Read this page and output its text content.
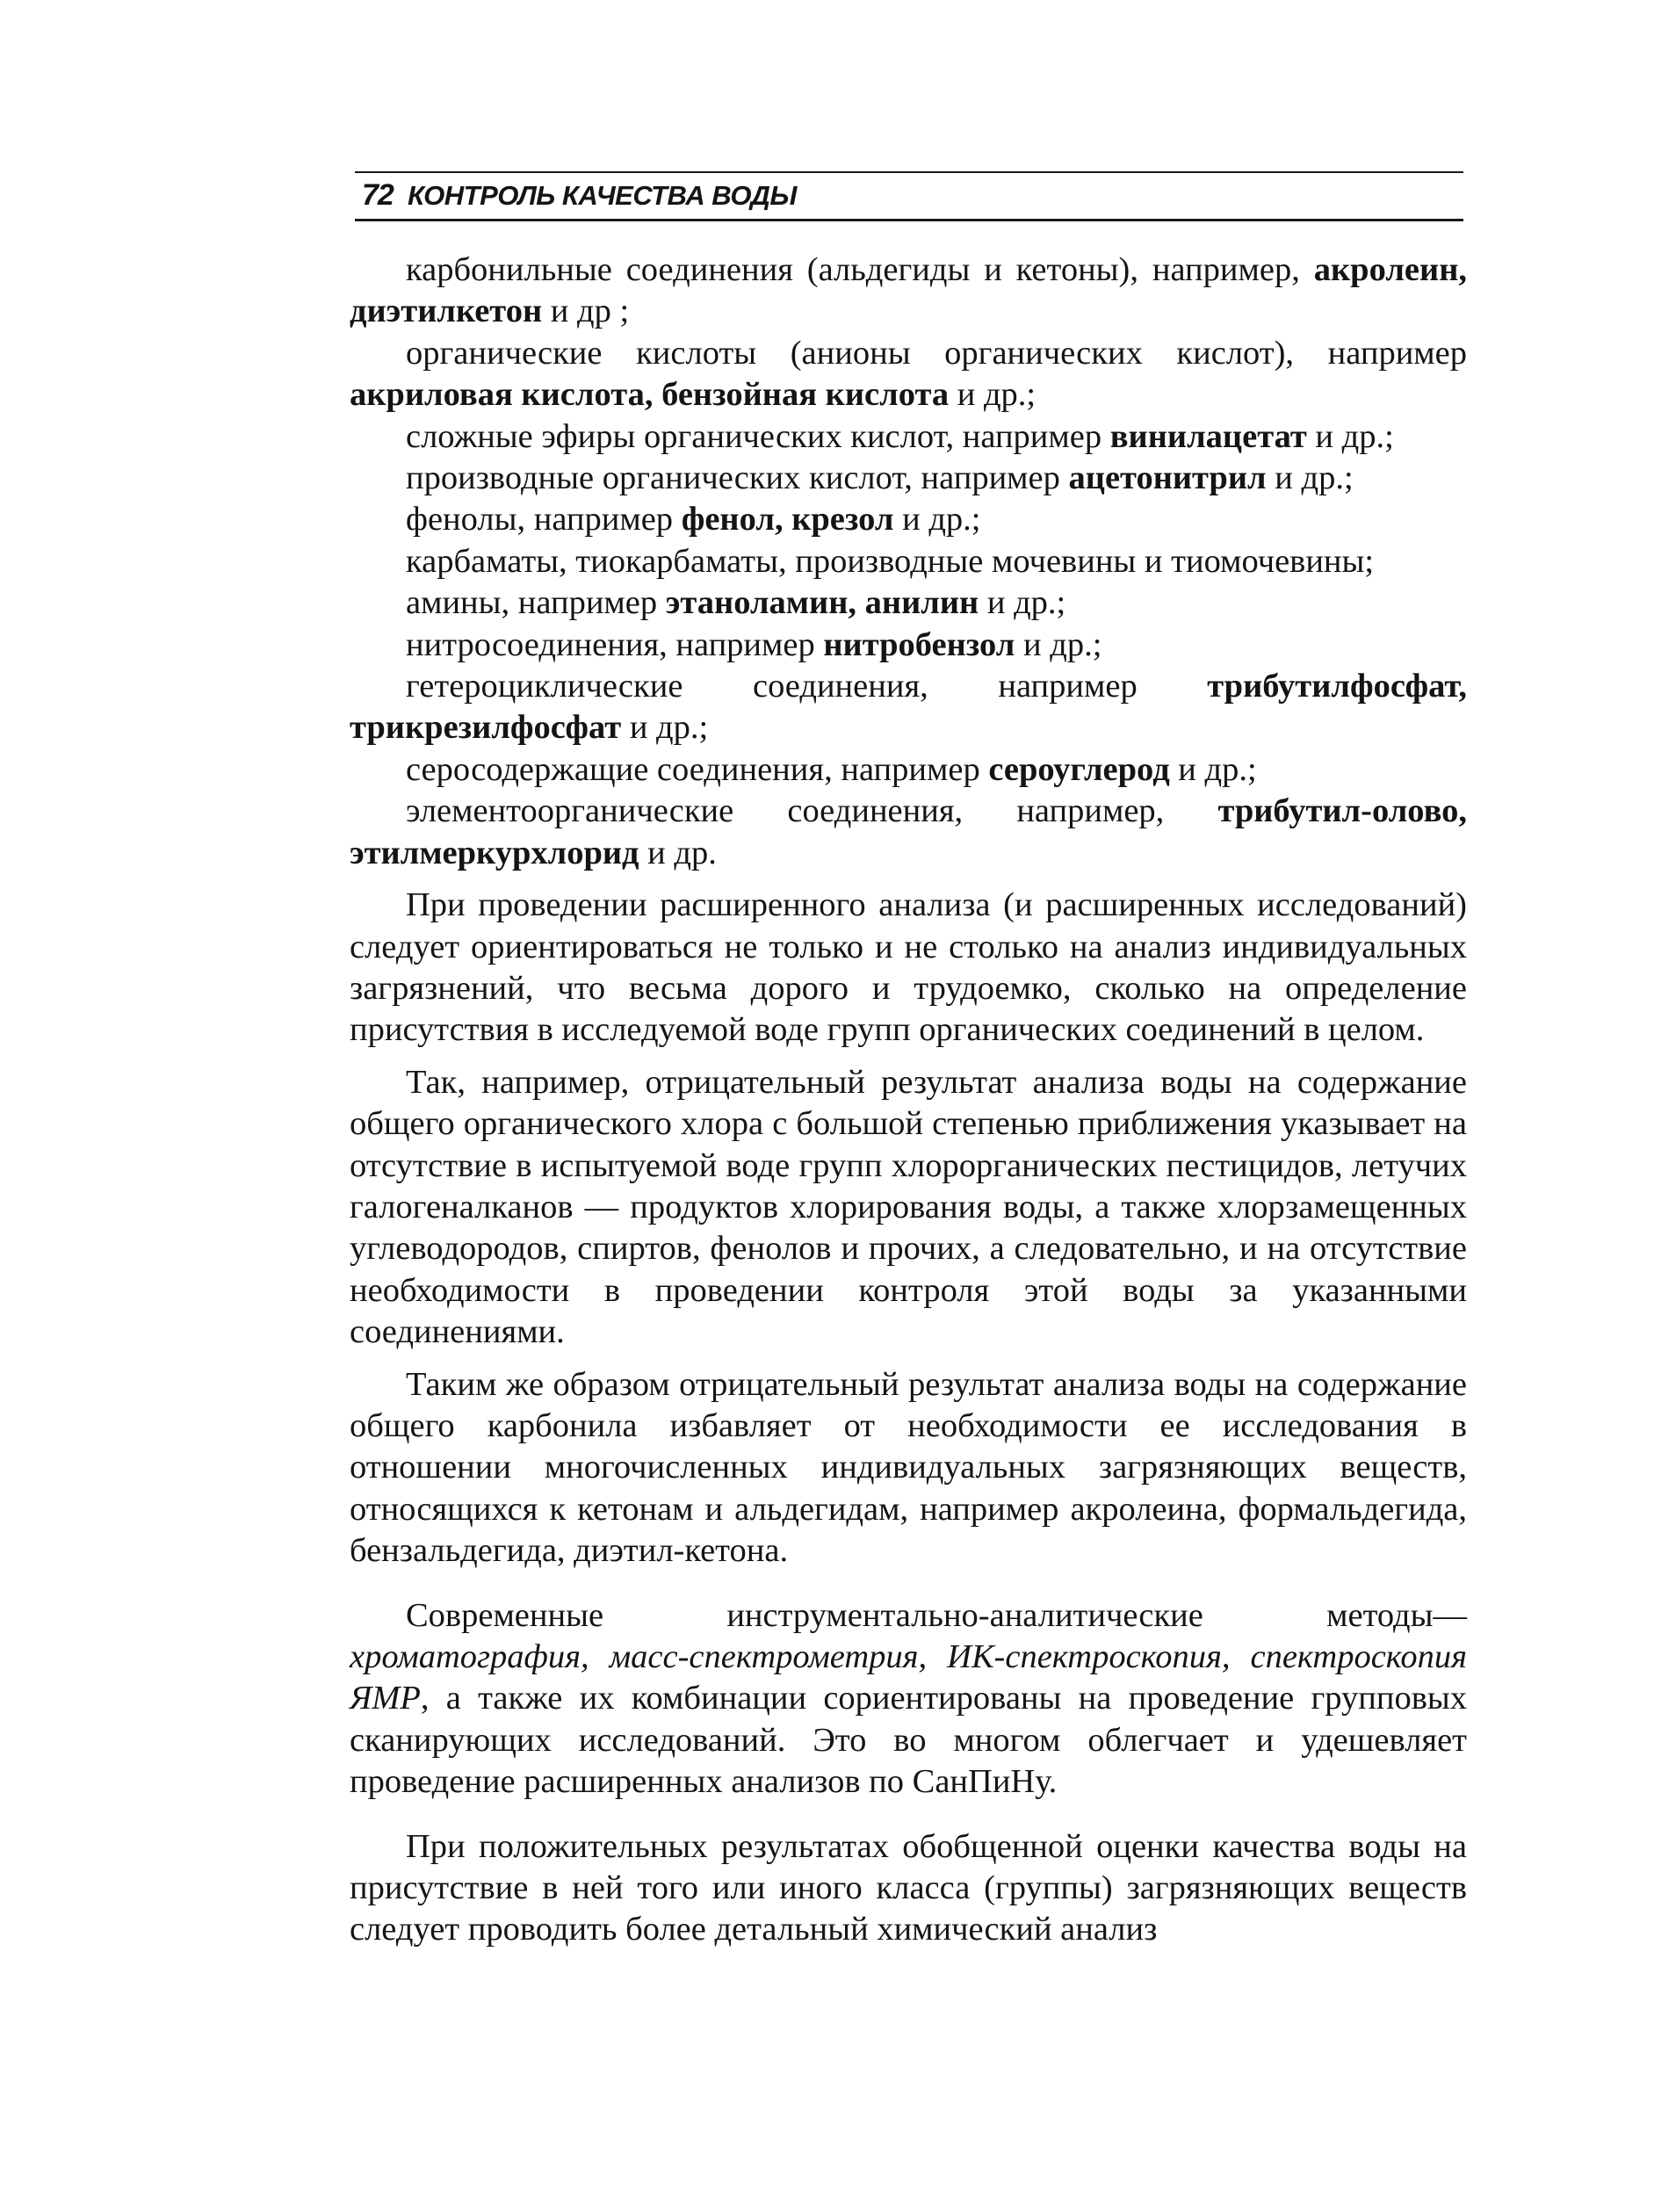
72 КОНТРОЛЬ КАЧЕСТВА ВОДЫ

карбонильные соединения (альдегиды и кетоны), например, акролеин, диэтилкетон и др ;

органические кислоты (анионы органических кислот), например акриловая кислота, бензойная кислота и др.;

сложные эфиры органических кислот, например винилацетат и др.;

производные органических кислот, например ацетонитрил и др.;

фенолы, например фенол, крезол и др.;

карбаматы, тиокарбаматы, производные мочевины и тиомочевины;

амины, например этаноламин, анилин и др.;

нитросоединения, например нитробензол и др.;

гетероциклические соединения, например трибутилфосфат, трикрезилфосфат и др.;

серосодержащие соединения, например сероуглерод и др.;

элементоорганические соединения, например, трибутил-олово, этилмеркурхлорид и др.

При проведении расширенного анализа (и расширенных исследований) следует ориентироваться не только и не столько на анализ индивидуальных загрязнений, что весьма дорого и трудоемко, сколько на определение присутствия в исследуемой воде групп органических соединений в целом.

Так, например, отрицательный результат анализа воды на содержание общего органического хлора с большой степенью приближения указывает на отсутствие в испытуемой воде групп хлорорганических пестицидов, летучих галогеналканов — продуктов хлорирования воды, а также хлорзамещенных углеводородов, спиртов, фенолов и прочих, а следовательно, и на отсутствие необходимости в проведении контроля этой воды за указанными соединениями.

Таким же образом отрицательный результат анализа воды на содержание общего карбонила избавляет от необходимости ее исследования в отношении многочисленных индивидуальных загрязняющих веществ, относящихся к кетонам и альдегидам, например акролеина, формальдегида, бензальдегида, диэтил-кетона.

Современные инструментально-аналитические методы— хроматография, масс-спектрометрия, ИК-спектроскопия, спектроскопия ЯМР, а также их комбинации сориентированы на проведение групповых сканирующих исследований. Это во многом облегчает и удешевляет проведение расширенных анализов по СанПиНу.

При положительных результатах обобщенной оценки качества воды на присутствие в ней того или иного класса (группы) загрязняющих веществ следует проводить более детальный химический анализ
